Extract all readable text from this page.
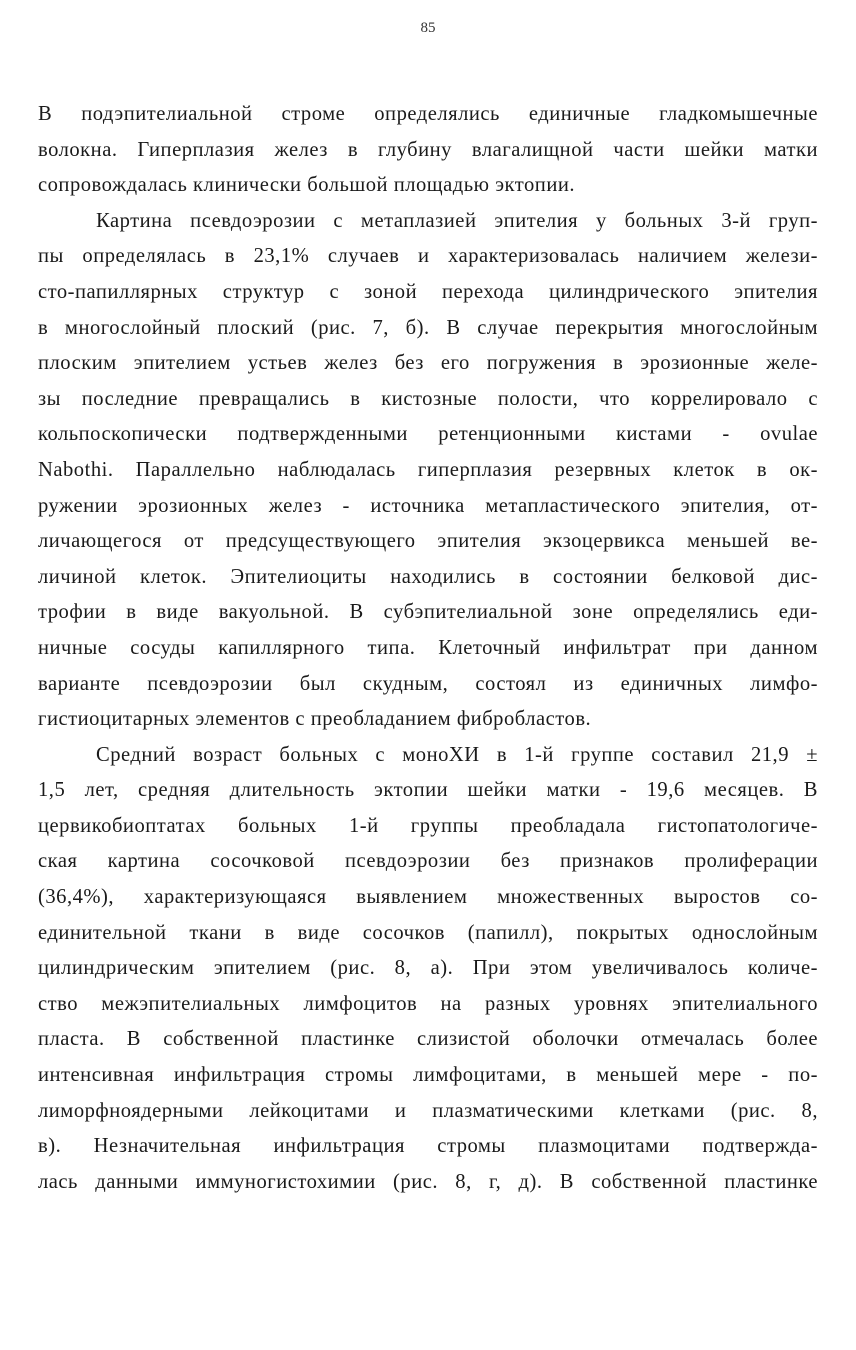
85
В подэпителиальной строме определялись единичные гладкомышечные
волокна. Гиперплазия желез в глубину влагалищной части шейки матки
сопровождалась клинически большой площадью эктопии.
Картина псевдоэрозии с метаплазией эпителия у больных 3-й груп-
пы определялась в 23,1% случаев и характеризовалась наличием желези-
сто-папиллярных структур с зоной перехода цилиндрического эпителия
в многослойный плоский (рис. 7, б). В случае перекрытия многослойным
плоским эпителием устьев желез без его погружения в эрозионные желе-
зы последние превращались в кистозные полости, что коррелировало с
кольпоскопически подтвержденными ретенционными кистами - ovulae
Nabothi. Параллельно наблюдалась гиперплазия резервных клеток в ок-
ружении эрозионных желез - источника метапластического эпителия, от-
личающегося от предсуществующего эпителия экзоцервикса меньшей ве-
личиной клеток. Эпителиоциты находились в состоянии белковой дис-
трофии в виде вакуольной. В субэпителиальной зоне определялись еди-
ничные сосуды капиллярного типа. Клеточный инфильтрат при данном
варианте псевдоэрозии был скудным, состоял из единичных лимфо-
гистиоцитарных элементов с преобладанием фибробластов.
Средний возраст больных с моноХИ в 1-й группе составил 21,9 ±
1,5 лет, средняя длительность эктопии шейки матки - 19,6 месяцев. В
цервикобиоптатах больных 1-й группы преобладала гистопатологиче-
ская картина сосочковой псевдоэрозии без признаков пролиферации
(36,4%), характеризующаяся выявлением множественных выростов со-
единительной ткани в виде сосочков (папилл), покрытых однослойным
цилиндрическим эпителием (рис. 8, а). При этом увеличивалось количе-
ство межэпителиальных лимфоцитов на разных уровнях эпителиального
пласта. В собственной пластинке слизистой оболочки отмечалась более
интенсивная инфильтрация стромы лимфоцитами, в меньшей мере - по-
лиморфноядерными лейкоцитами и плазматическими клетками (рис. 8,
в). Незначительная инфильтрация стромы плазмоцитами подтвержда-
лась данными иммуногистохимии (рис. 8, г, д). В собственной пластинке
